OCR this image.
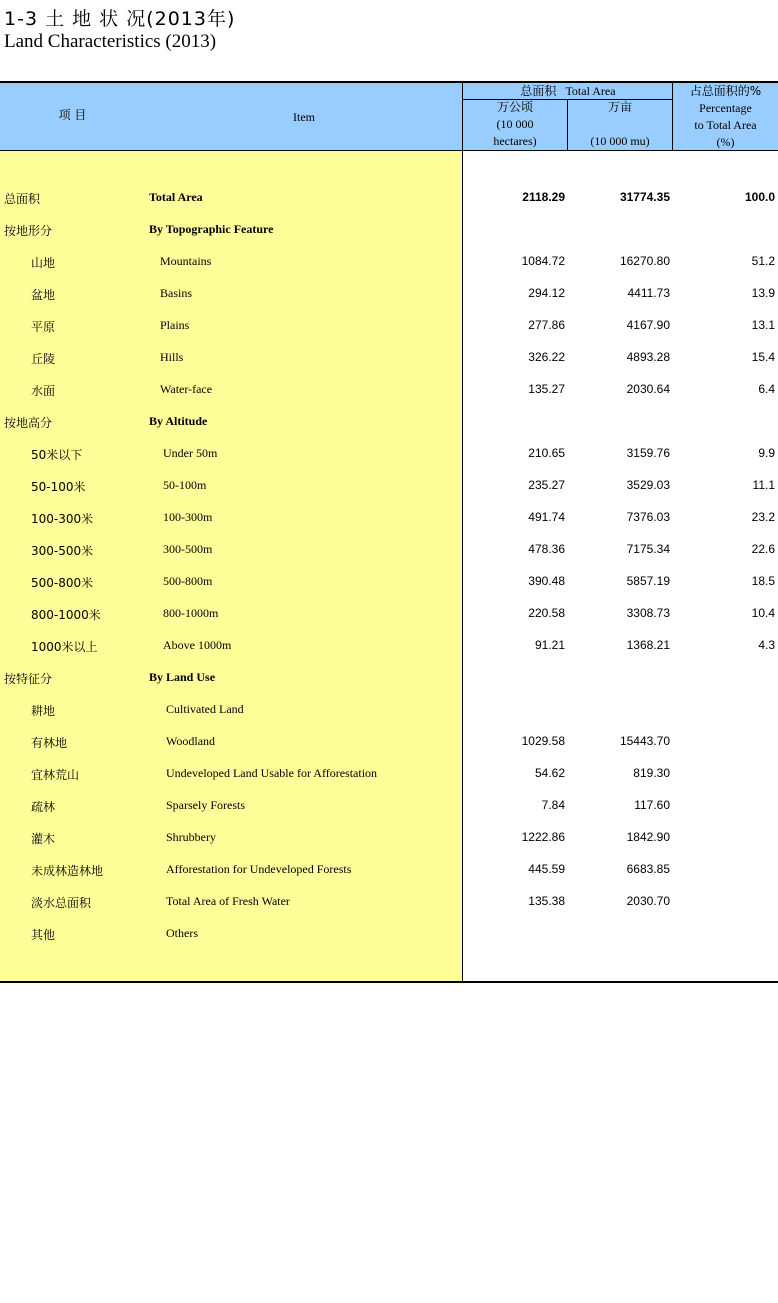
1-3 土 地 状 况(2013年)
Land Characteristics (2013)
项 目	Item
总面积 Total Area
万公顷
(10 000
hectares)
万亩

(10 000 mu)
占总面积的%
Percentage
to Total Area
(%)
总面积	Total Area	2118.29	31774.35	100.0
按地形分	By Topographic Feature
山地	Mountains	1084.72	16270.80	51.2
盆地	Basins	294.12	4411.73	13.9
平原	Plains	277.86	4167.90	13.1
丘陵	Hills	326.22	4893.28	15.4
水面	Water-face	135.27	2030.64	6.4
按地高分	By Altitude
50米以下	Under 50m	210.65	3159.76	9.9
50-100米	50-100m	235.27	3529.03	11.1
100-300米	100-300m	491.74	7376.03	23.2
300-500米	300-500m	478.36	7175.34	22.6
500-800米	500-800m	390.48	5857.19	18.5
800-1000米	800-1000m	220.58	3308.73	10.4
1000米以上	Above 1000m	91.21	1368.21	4.3
按特征分	By Land Use
耕地	Cultivated Land
有林地	Woodland	1029.58	15443.70
宜林荒山	Undeveloped Land Usable for Afforestation	54.62	819.30
疏林	Sparsely Forests	7.84	117.60
灌木	Shrubbery	1222.86	1842.90
未成林造林地	Afforestation for Undeveloped Forests	445.59	6683.85
淡水总面积	Total Area of Fresh Water	135.38	2030.70
其他	Others
